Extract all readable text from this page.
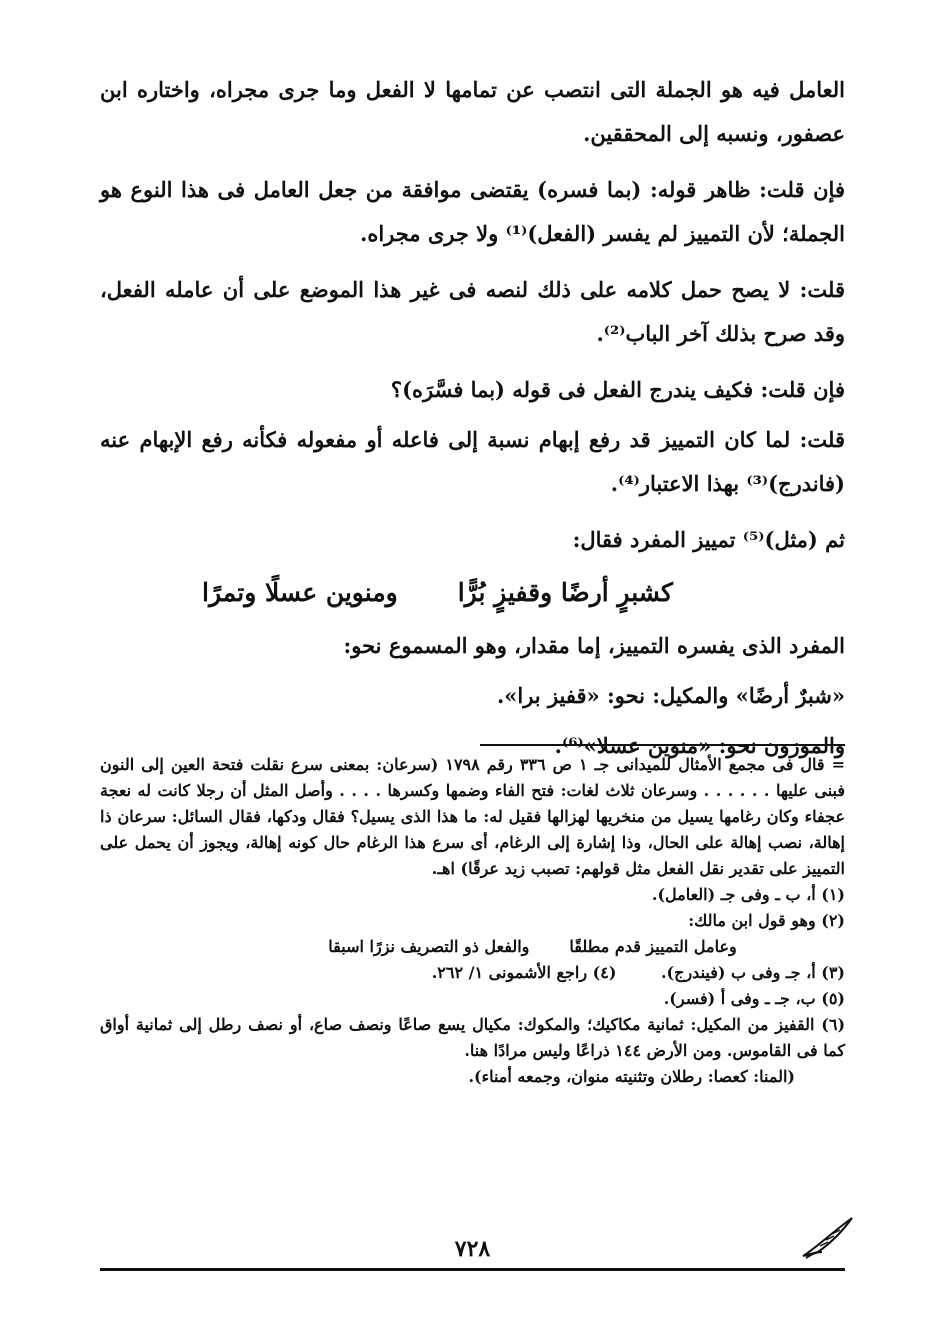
العامل فيه هو الجملة التى انتصب عن تمامها لا الفعل وما جرى مجراه، واختاره ابن عصفور، ونسبه إلى المحققين.

فإن قلت: ظاهر قوله: (بما فسره) يقتضى موافقة من جعل العامل فى هذا النوع هو الجملة؛ لأن التمييز لم يفسر (الفعل)⁽¹⁾ ولا جرى مجراه.

قلت: لا يصح حمل كلامه على ذلك لنصه فى غير هذا الموضع على أن عامله الفعل، وقد صرح بذلك آخر الباب⁽²⁾.

فإن قلت: فكيف يندرج الفعل فى قوله (بما فسَّرَه)؟

قلت: لما كان التمييز قد رفع إبهام نسبة إلى فاعله أو مفعوله فكأنه رفع الإبهام عنه (فاندرج)⁽³⁾ بهذا الاعتبار⁽⁴⁾.

ثم (مثل)⁽⁵⁾ تمييز المفرد فقال:

كشبرٍ أرضًا وقفيزٍ بُرًّا
ومنوين عسلًا وتمرًا

المفرد الذى يفسره التمييز، إما مقدار، وهو المسموع نحو:

«شبرٌ أرضًا» والمكيل: نحو: «قفيز برا».

والموزون نحو: «منوين عسلا»⁽⁶⁾.

= قال فى مجمع الأمثال للميدانى جـ ١ ص ٣٣٦ رقم ١٧٩٨ (سرعان: بمعنى سرع نقلت فتحة العين إلى النون فبنى عليها . . . . . . وسرعان ثلاث لغات: فتح الفاء وضمها وكسرها . . . . وأصل المثل أن رجلا كانت له نعجة عجفاء وكان رغامها يسيل من منخريها لهزالها فقيل له: ما هذا الذى يسيل؟ فقال ودكها، فقال السائل: سرعان ذا إهالة، نصب إهالة على الحال، وذا إشارة إلى الرغام، أى سرع هذا الرغام حال كونه إهالة، ويجوز أن يحمل على التمييز على تقدير نقل الفعل مثل قولهم: تصبب زيد عرقًا) اهـ.

(١) أ، ب ـ وفى جـ (العامل).

(٢) وهو قول ابن مالك:

وعامل التمييز قدم مطلقًا
والفعل ذو التصريف نزرًا اسبقا

(٣) أ، جـ وفى ب (فيندرج).        (٤) راجع الأشمونى ١/ ٢٦٢.

(٥) ب، جـ ـ وفى أ (فسر).

(٦) القفيز من المكيل: ثمانية مكاكيك؛ والمكوك: مكيال يسع صاعًا ونصف صاع، أو نصف رطل إلى ثمانية أواق كما فى القاموس. ومن الأرض ١٤٤ ذراعًا وليس مرادًا هنا.

(المنا: كعصا: رطلان وتثنيته منوان، وجمعه أمناء).

٧٢٨
